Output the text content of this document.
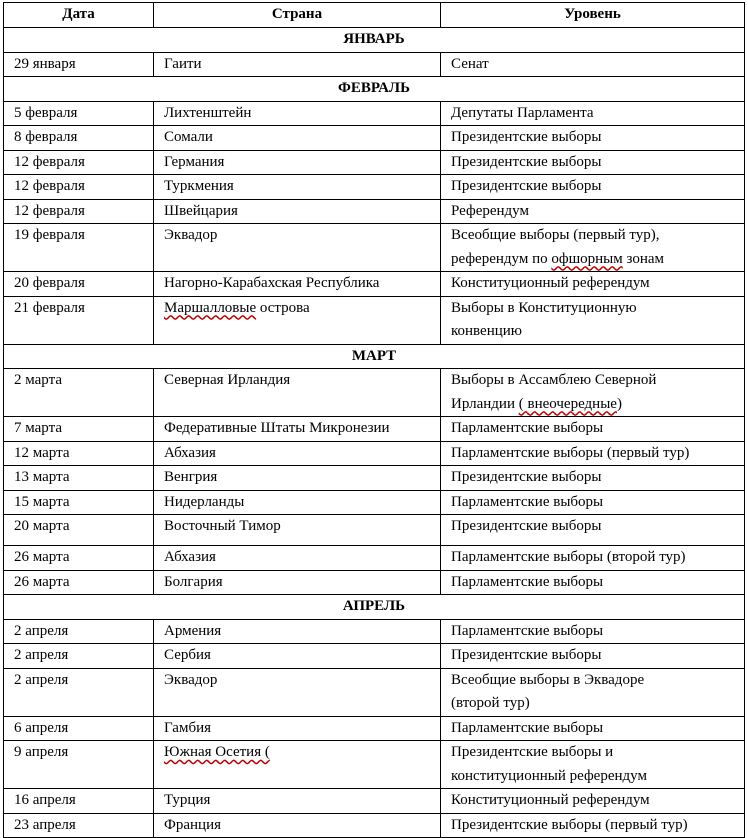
Дата	Страна	Уровень
ЯНВАРЬ		
29 января	Гаити	Сенат
ФЕВРАЛЬ		
5 февраля	Лихтенштейн	Депутаты Парламента
8 февраля	Сомали	Президентские выборы
12 февраля	Германия	Президентские выборы
12 февраля	Туркмения	Президентские выборы
12 февраля	Швейцария	Референдум
19 февраля	Эквадор	Всеобщие выборы (первый тур),
референдум по офшорным зонам
20 февраля	Нагорно-Карабахская Республика	Конституционный референдум
21 февраля	Маршалловые острова	Выборы в Конституционную
конвенцию
МАРТ		
2 марта	Северная Ирландия	Выборы в Ассамблею Северной
Ирландии ( внеочередные)
7 марта	Федеративные Штаты Микронезии	Парламентские выборы
12 марта	Абхазия	Парламентские выборы (первый тур)
13 марта	Венгрия	Президентские выборы
15 марта	Нидерланды	Парламентские выборы
20 марта	Восточный Тимор	Президентские выборы
26 марта	Абхазия	Парламентские выборы (второй тур)
26 марта	Болгария	Парламентские выборы
АПРЕЛЬ		
2 апреля	Армения	Парламентские выборы
2 апреля	Сербия	Президентские выборы
2 апреля	Эквадор	Всеобщие выборы в Эквадоре
(второй тур)
6 апреля	Гамбия	Парламентские выборы
9 апреля	Южная Осетия (	Президентские выборы и
конституционный референдум
16 апреля	Турция	Конституционный референдум
23 апреля	Франция	Президентские выборы (первый тур)
